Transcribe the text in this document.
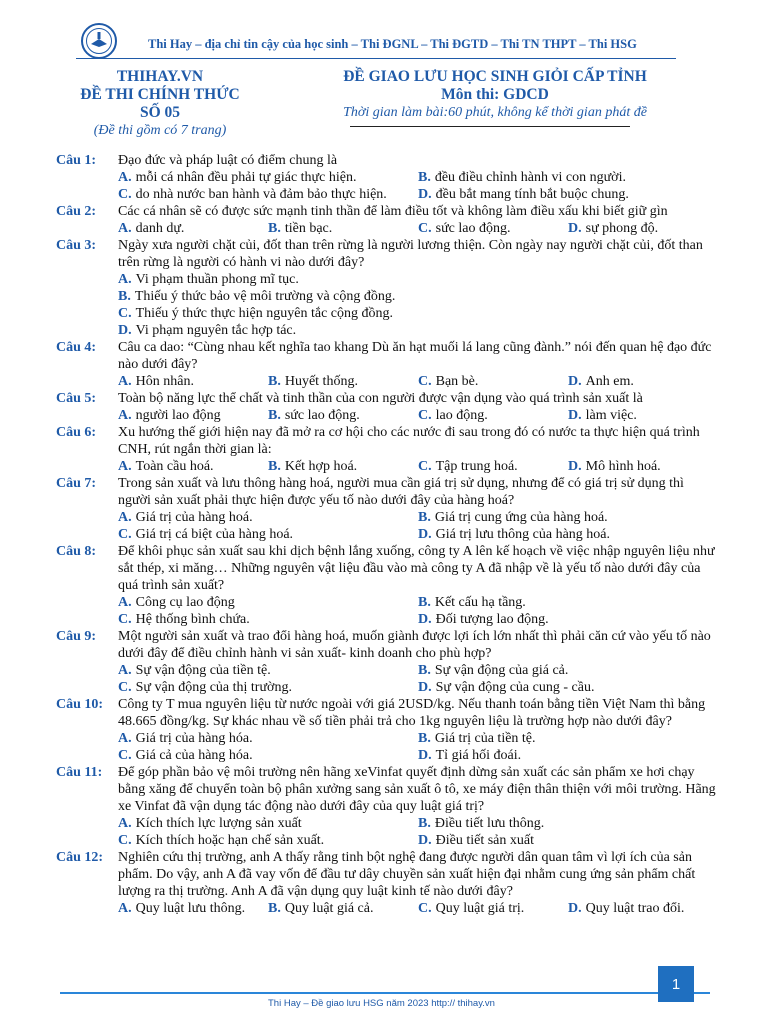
Thi Hay – địa chỉ tin cậy của học sinh – Thi ĐGNL – Thi ĐGTD – Thi TN THPT – Thi HSG
THIHAY.VN
ĐỀ THI CHÍNH THỨC
SỐ 05
(Đề thi gồm có 7 trang)
ĐỀ GIAO LƯU HỌC SINH GIỎI CẤP TỈNH
Môn thi: GDCD
Thời gian làm bài:60 phút, không kể thời gian phát đề
Câu 1: Đạo đức và pháp luật có điểm chung là
A. mỗi cá nhân đều phải tự giác thực hiện.	B. đều điều chỉnh hành vi con người.
C. do nhà nước ban hành và đảm bảo thực hiện.	D. đều bắt mang tính bắt buộc chung.
Câu 2: Các cá nhân sẽ có được sức mạnh tinh thần để làm điều tốt và không làm điều xấu khi biết giữ gìn
A. danh dự.	B. tiền bạc.	C. sức lao động.	D. sự phong độ.
Câu 3: Ngày xưa người chặt củi, đốt than trên rừng là người lương thiện. Còn ngày nay người chặt củi, đốt than trên rừng là người có hành vi nào dưới đây?
A. Vi phạm thuần phong mĩ tục.
B. Thiếu ý thức bảo vệ môi trường và cộng đồng.
C. Thiếu ý thức thực hiện nguyên tắc cộng đồng.
D. Vi phạm nguyên tắc hợp tác.
Câu 4: Câu ca dao: “Cùng nhau kết nghĩa tao khang Dù ăn hạt muối lá lang cũng đành.” nói đến quan hệ đạo đức nào dưới đây?
A. Hôn nhân.	B. Huyết thống.	C. Bạn bè.	D. Anh em.
Câu 5: Toàn bộ năng lực thể chất và tinh thần của con người được vận dụng vào quá trình sản xuất là
A. người lao động	B. sức lao động.	C. lao động.	D. làm việc.
Câu 6: Xu hướng thế giới hiện nay đã mở ra cơ hội cho các nước đi sau trong đó có nước ta thực hiện quá trình CNH, rút ngắn thời gian là:
A. Toàn cầu hoá.	B. Kết hợp hoá.	C. Tập trung hoá.	D. Mô hình hoá.
Câu 7: Trong sản xuất và lưu thông hàng hoá, người mua cần giá trị sử dụng, nhưng để có giá trị sử dụng thì người sản xuất phải thực hiện được yếu tố nào dưới đây của hàng hoá?
A. Giá trị của hàng hoá.	B. Giá trị cung ứng của hàng hoá.
C. Giá trị cá biệt của hàng hoá.	D. Giá trị lưu thông của hàng hoá.
Câu 8: Để khôi phục sản xuất sau khi dịch bệnh lắng xuống, công ty A lên kế hoạch về việc nhập nguyên liệu như sắt thép, xi măng… Những nguyên vật liệu đầu vào mà công ty A đã nhập về là yếu tố nào dưới đây của quá trình sản xuất?
A. Công cụ lao động	B. Kết cấu hạ tầng.
C. Hệ thống bình chứa.	D. Đối tượng lao động.
Câu 9: Một người sản xuất và trao đổi hàng hoá, muốn giành được lợi ích lớn nhất thì phải căn cứ vào yếu tố nào dưới đây để điều chỉnh hành vi sản xuất- kinh doanh cho phù hợp?
A. Sự vận động của tiền tệ.	B. Sự vận động của giá cả.
C. Sự vận động của thị trường.	D. Sự vận động của cung - cầu.
Câu 10: Công ty T mua nguyên liệu từ nước ngoài với giá 2USD/kg. Nếu thanh toán bằng tiền Việt Nam thì bằng 48.665 đồng/kg. Sự khác nhau về số tiền phải trả cho 1kg nguyên liệu là trường hợp nào dưới đây?
A. Giá trị của hàng hóa.	B. Giá trị của tiền tệ.
C. Giá cả của hàng hóa.	D. Tỉ giá hối đoái.
Câu 11: Để góp phần bảo vệ môi trường nên hãng xeVinfat quyết định dừng sản xuất các sản phẩm xe hơi chạy bằng xăng để chuyển toàn bộ phân xưởng sang sản xuất ô tô, xe máy điện thân thiện với môi trường. Hãng xe Vinfat đã vận dụng tác động nào dưới đây của quy luật giá trị?
A. Kích thích lực lượng sản xuất	B. Điều tiết lưu thông.
C. Kích thích hoặc hạn chế sản xuất.	D. Điều tiết sản xuất
Câu 12: Nghiên cứu thị trường, anh A thấy rằng tinh bột nghệ đang được người dân quan tâm vì lợi ích của sản phẩm. Do vậy, anh A đã vay vốn để đầu tư dây chuyền sản xuất hiện đại nhằm cung ứng sản phẩm chất lượng ra thị trường. Anh A đã vận dụng quy luật kinh tế nào dưới đây?
A. Quy luật lưu thông.	B. Quy luật giá cả.	C. Quy luật giá trị.	D. Quy luật trao đổi.
Thi Hay – Đề giao lưu HSG năm 2023 http:// thihay.vn
1
